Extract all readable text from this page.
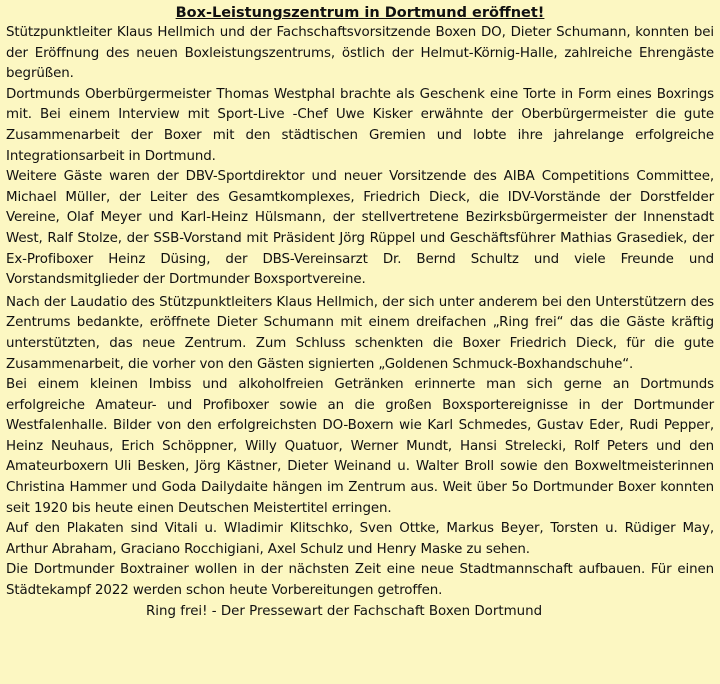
Box-Leistungszentrum in Dortmund eröffnet!

Stützpunktleiter Klaus Hellmich und der Fachschaftsvorsitzende Boxen DO, Dieter Schumann, konnten bei der Eröffnung des neuen Boxleistungszentrums, östlich der Helmut-Körnig-Halle, zahlreiche Ehrengäste begrüßen.

Dortmunds Oberbürgermeister Thomas Westphal brachte als Geschenk eine Torte in Form eines Boxrings mit. Bei einem Interview mit Sport-Live -Chef Uwe Kisker erwähnte der Oberbürgermeister die gute Zusammenarbeit der Boxer mit den städtischen Gremien und lobte ihre jahrelange erfolgreiche Integrationsarbeit in Dortmund.

Weitere Gäste waren der DBV-Sportdirektor und neuer Vorsitzende des AIBA Competitions Committee, Michael Müller, der Leiter des Gesamtkomplexes, Friedrich Dieck, die IDV-Vorstände der Dorstfelder Vereine, Olaf Meyer und Karl-Heinz Hülsmann, der stellvertretene Bezirksbürgermeister der Innenstadt West, Ralf Stolze, der SSB-Vorstand mit Präsident Jörg Rüppel und Geschäftsführer Mathias Grasediek, der Ex-Profiboxer Heinz Düsing, der DBS-Vereinsarzt Dr. Bernd Schultz und viele Freunde und Vorstandsmitglieder der Dortmunder Boxsportvereine.

Nach der Laudatio des Stützpunktleiters Klaus Hellmich, der sich unter anderem bei den Unterstützern des Zentrums bedankte, eröffnete Dieter Schumann mit einem dreifachen „Ring frei“ das die Gäste kräftig unterstützten, das neue Zentrum. Zum Schluss schenkten die Boxer Friedrich Dieck, für die gute Zusammenarbeit, die vorher von den Gästen signierten „Goldenen Schmuck-Boxhandschuhe“.

Bei einem kleinen Imbiss und alkoholfreien Getränken erinnerte man sich gerne an Dortmunds erfolgreiche Amateur- und Profiboxer sowie an die großen Boxsportereignisse in der Dortmunder Westfalenhalle. Bilder von den erfolgreichsten DO-Boxern wie Karl Schmedes, Gustav Eder, Rudi Pepper, Heinz Neuhaus, Erich Schöppner, Willy Quatuor, Werner Mundt, Hansi Strelecki, Rolf Peters und den Amateurboxern Uli Besken, Jörg Kästner, Dieter Weinand u. Walter Broll sowie den Boxweltmeisterinnen Christina Hammer und Goda Dailydaite hängen im Zentrum aus. Weit über 5o Dortmunder Boxer konnten seit 1920 bis heute einen Deutschen Meistertitel erringen.

Auf den Plakaten sind Vitali u. Wladimir Klitschko, Sven Ottke, Markus Beyer, Torsten u. Rüdiger May, Arthur Abraham, Graciano Rocchigiani, Axel Schulz und Henry Maske zu sehen.

Die Dortmunder Boxtrainer wollen in der nächsten Zeit eine neue Stadtmannschaft aufbauen. Für einen Städtekampf 2022 werden schon heute Vorbereitungen getroffen.

Ring frei! - Der Pressewart der Fachschaft Boxen Dortmund
